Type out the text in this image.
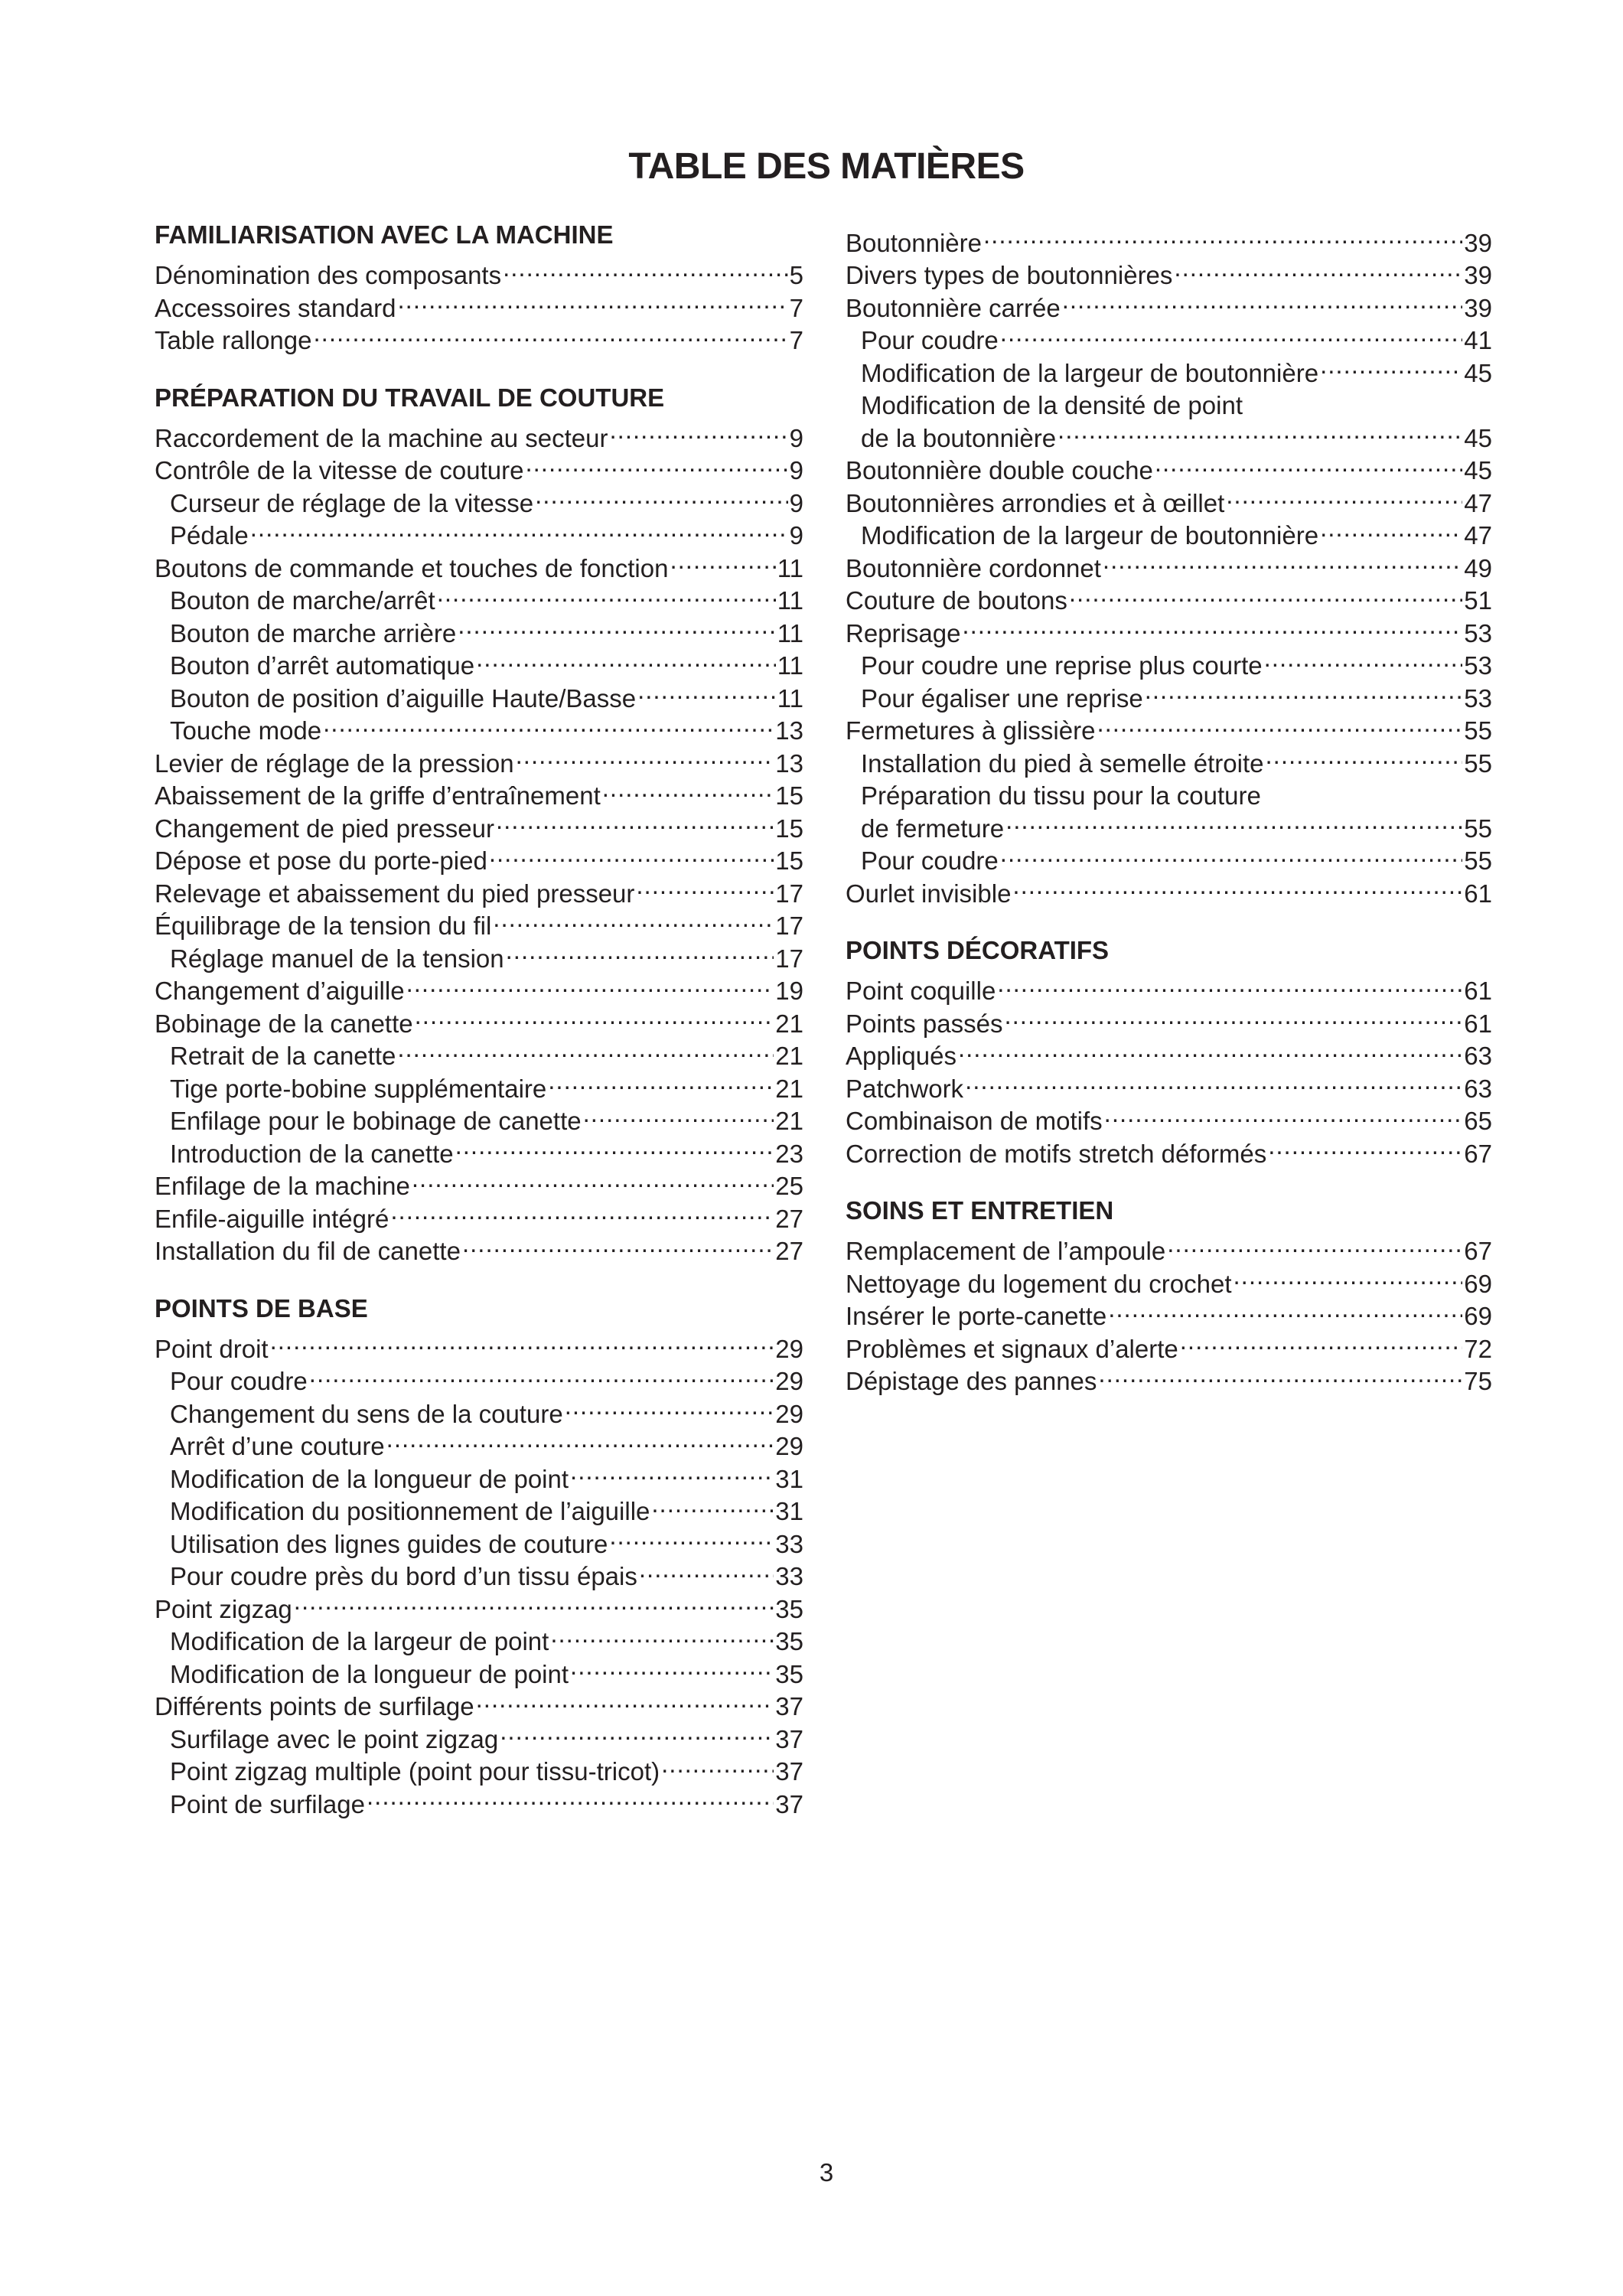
TABLE DES MATIÈRES
FAMILIARISATION AVEC LA MACHINE
Dénomination des composants .....	5
Accessoires standard .....	7
Table rallonge .....	7
PRÉPARATION DU TRAVAIL DE COUTURE
Raccordement de la machine au secteur .....	9
Contrôle de la vitesse de couture .....	9
Curseur de réglage de la vitesse .....	9
Pédale .....	9
Boutons de commande et touches de fonction .....	11
Bouton de marche/arrêt .....	11
Bouton de marche arrière .....	11
Bouton d’arrêt automatique .....	11
Bouton de position d’aiguille Haute/Basse .....	11
Touche mode .....	13
Levier de réglage de la pression .....	13
Abaissement de la griffe d’entraînement .....	15
Changement de pied presseur .....	15
Dépose et pose du porte-pied .....	15
Relevage et abaissement du pied presseur .....	17
Équilibrage de la tension du fil .....	17
Réglage manuel de la tension .....	17
Changement d’aiguille .....	19
Bobinage de la canette .....	21
Retrait de la canette .....	21
Tige porte-bobine supplémentaire .....	21
Enfilage pour le bobinage de canette .....	21
Introduction de la canette .....	23
Enfilage de la machine .....	25
Enfile-aiguille intégré .....	27
Installation du fil de canette .....	27
POINTS DE BASE
Point droit .....	29
Pour coudre .....	29
Changement du sens de la couture .....	29
Arrêt d’une couture .....	29
Modification de la longueur de point .....	31
Modification du positionnement de l’aiguille .....	31
Utilisation des lignes guides de couture .....	33
Pour coudre près du bord d’un tissu épais .....	33
Point zigzag .....	35
Modification de la largeur de point .....	35
Modification de la longueur de point .....	35
Différents points de surfilage .....	37
Surfilage avec le point zigzag .....	37
Point zigzag multiple (point pour tissu-tricot) .....	37
Point de surfilage .....	37
Boutonnière .....	39
Divers types de boutonnières .....	39
Boutonnière carrée .....	39
Pour coudre .....	41
Modification de la largeur de boutonnière .....	45
Modification de la densité de point
de la boutonnière .....	45
Boutonnière double couche .....	45
Boutonnières arrondies et à œillet .....	47
Modification de la largeur de boutonnière .....	47
Boutonnière cordonnet .....	49
Couture de boutons .....	51
Reprisage .....	53
Pour coudre une reprise plus courte .....	53
Pour égaliser une reprise .....	53
Fermetures à glissière .....	55
Installation du pied à semelle étroite .....	55
Préparation du tissu pour la couture
de fermeture .....	55
Pour coudre .....	55
Ourlet invisible .....	61
POINTS DÉCORATIFS
Point coquille .....	61
Points passés .....	61
Appliqués .....	63
Patchwork .....	63
Combinaison de motifs .....	65
Correction de motifs stretch déformés .....	67
SOINS ET ENTRETIEN
Remplacement de l’ampoule .....	67
Nettoyage du logement du crochet .....	69
Insérer le porte-canette .....	69
Problèmes et signaux d’alerte .....	72
Dépistage des pannes .....	75

3
